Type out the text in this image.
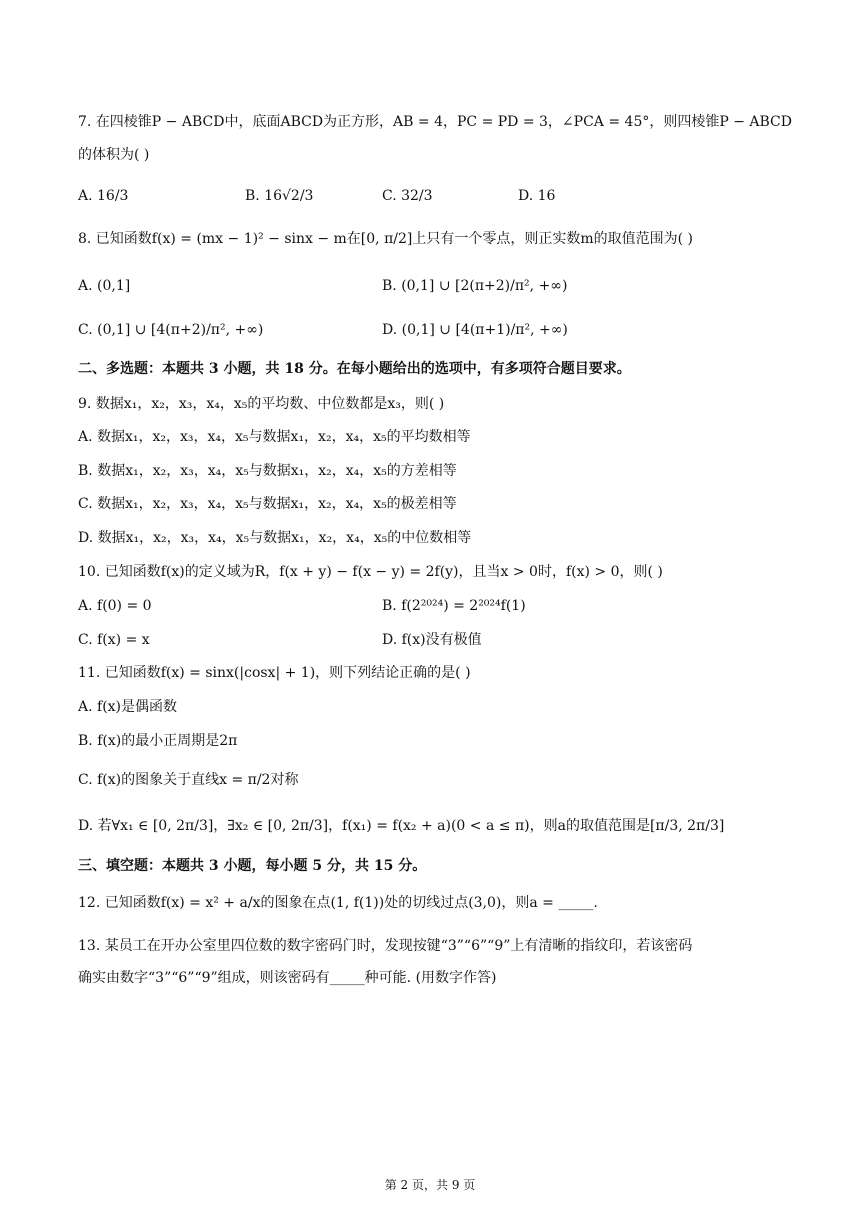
7. 在四棱锥P − ABCD中，底面ABCD为正方形，AB = 4，PC = PD = 3，∠PCA = 45°，则四棱锥P − ABCD
的体积为( )
A. 16/3	B. 16√2/3	C. 32/3	D. 16
8. 已知函数f(x) = (mx − 1)² − sinx − m在[0, π/2]上只有一个零点，则正实数m的取值范围为( )
A. (0,1]	B. (0,1] ∪ [2(π+2)/π², +∞)
C. (0,1] ∪ [4(π+2)/π², +∞)	D. (0,1] ∪ [4(π+1)/π², +∞)
二、多选题：本题共 3 小题，共 18 分。在每小题给出的选项中，有多项符合题目要求。
9. 数据x₁，x₂，x₃，x₄，x₅的平均数、中位数都是x₃，则( )
A. 数据x₁，x₂，x₃，x₄，x₅与数据x₁，x₂，x₄，x₅的平均数相等
B. 数据x₁，x₂，x₃，x₄，x₅与数据x₁，x₂，x₄，x₅的方差相等
C. 数据x₁，x₂，x₃，x₄，x₅与数据x₁，x₂，x₄，x₅的极差相等
D. 数据x₁，x₂，x₃，x₄，x₅与数据x₁，x₂，x₄，x₅的中位数相等
10. 已知函数f(x)的定义域为R，f(x + y) − f(x − y) = 2f(y)，且当x > 0时，f(x) > 0，则( )
A. f(0) = 0	B. f(2²⁰²⁴) = 2²⁰²⁴f(1)
C. f(x) = x	D. f(x)没有极值
11. 已知函数f(x) = sinx(|cosx| + 1)，则下列结论正确的是( )
A. f(x)是偶函数
B. f(x)的最小正周期是2π
C. f(x)的图象关于直线x = π/2对称
D. 若∀x₁ ∈ [0, 2π/3]，∃x₂ ∈ [0, 2π/3]，f(x₁) = f(x₂ + a)(0 < a ≤ π)，则a的取值范围是[π/3, 2π/3]
三、填空题：本题共 3 小题，每小题 5 分，共 15 分。
12. 已知函数f(x) = x² + a/x的图象在点(1, f(1))处的切线过点(3,0)，则a = _____.
13. 某员工在开办公室里四位数的数字密码门时，发现按键“3”“6”“9”上有清晰的指纹印，若该密码
确实由数字“3”“6”“9”组成，则该密码有_____种可能. (用数字作答)
第 2 页，共 9 页
